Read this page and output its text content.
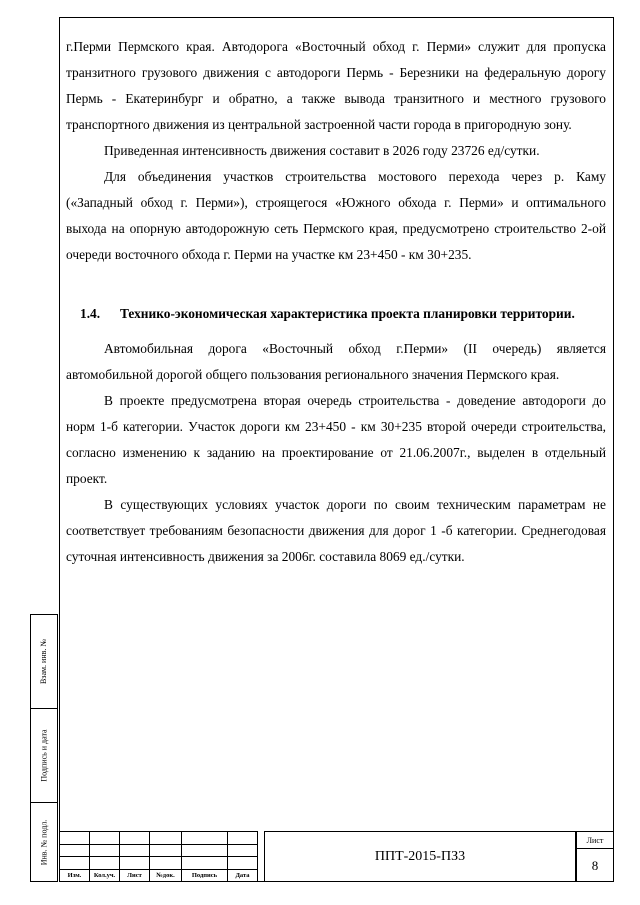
г.Перми Пермского края. Автодорога «Восточный обход г. Перми» служит для пропуска транзитного грузового движения с автодороги Пермь - Березники на федеральную дорогу Пермь - Екатеринбург и обратно, а также вывода транзитного и местного грузового транспортного движения из центральной застроенной части города в пригородную зону.

Приведенная интенсивность движения составит в 2026 году 23726 ед/сутки.

Для объединения участков строительства мостового перехода через р. Каму («Западный обход г. Перми»), строящегося «Южного обхода г. Перми» и оптимального выхода на опорную автодорожную сеть Пермского края, предусмотрено строительство 2-ой очереди восточного обхода г. Перми на участке км 23+450 - км 30+235.

1.4.	Технико-экономическая характеристика проекта планировки территории.

Автомобильная дорога «Восточный обход г.Перми» (II очередь) является автомобильной дорогой общего пользования регионального значения Пермского края.

В проекте предусмотрена вторая очередь строительства - доведение автодороги до норм 1-б категории. Участок дороги км 23+450 - км 30+235 второй очереди строительства, согласно изменению к заданию на проектирование от 21.06.2007г., выделен в отдельный проект.

В существующих условиях участок дороги по своим техническим параметрам не соответствует требованиям безопасности движения для дорог 1 -б категории. Среднегодовая суточная интенсивность движения за 2006г. составила 8069 ед./сутки.

Взам. инв. №
Подпись и дата
Инв. № подл.

Изм.	Кол.уч.	Лист	№док.	Подпись	Дата
ППТ-2015-ПЗ3
Лист
8
